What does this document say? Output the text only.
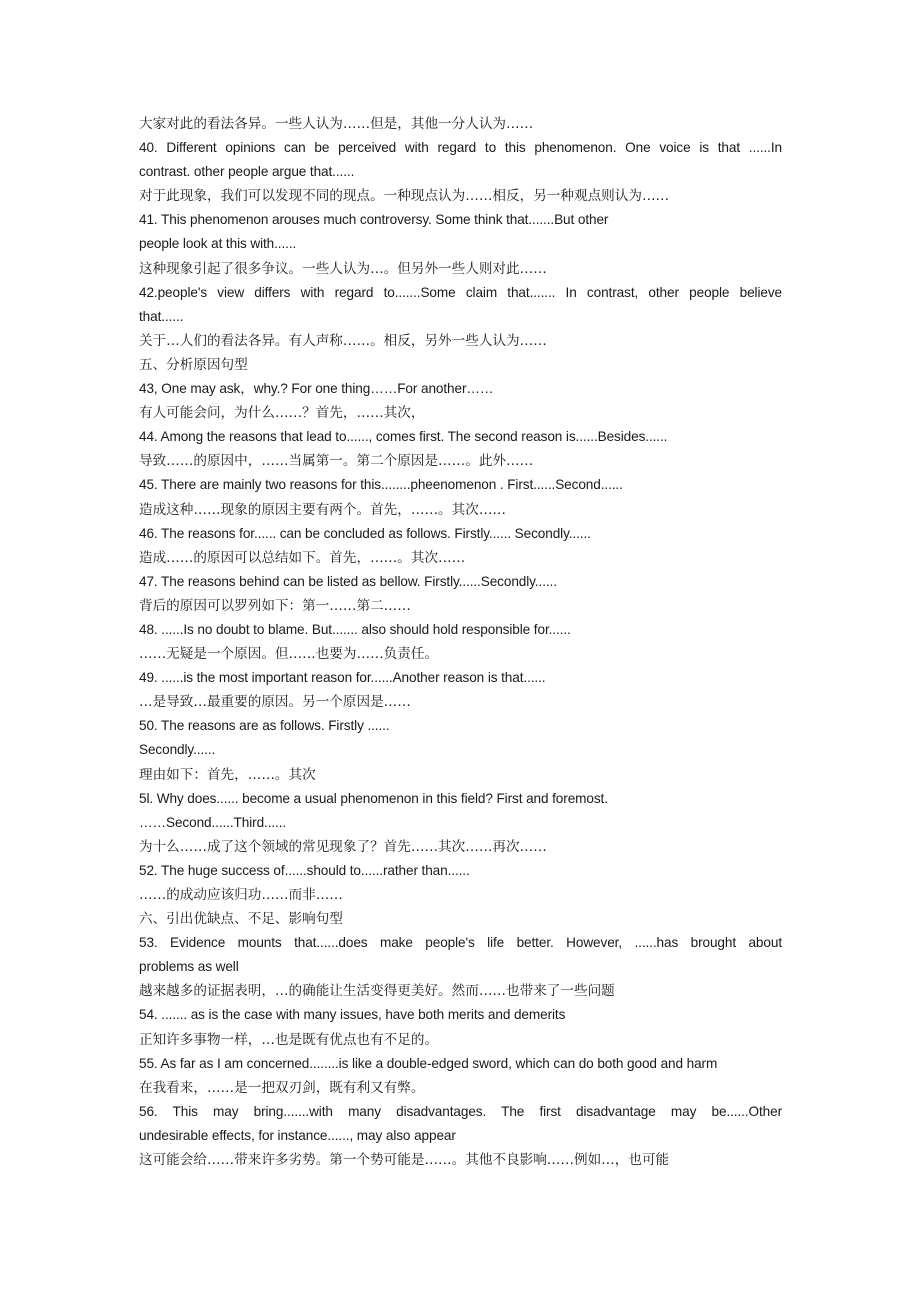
大家对此的看法各异。一些人认为……但是，其他一分人认为……
40. Different opinions can be perceived with regard to this phenomenon. One voice is that ......In
contrast. other people argue that......
对于此现象，我们可以发现不同的现点。一种现点认为……相反，另一种观点则认为……
41. This phenomenon arouses much controversy. Some think that.......But other
people look at this with......
这种现象引起了很多争议。一些人认为…。但另外一些人则对此……
42.people's view differs with regard to.......Some claim that....... In contrast, other people believe
that......
关于…人们的看法各异。有人声称……。相反，另外一些人认为……
五、分析原因句型
43, One may ask，why.? For one thing……For another……
有人可能会问，为什么……？首先，……其次，
44. Among the reasons that lead to......, comes first. The second reason is......Besides......
导致……的原因中，……当属第一。第二个原因是……。此外……
45. There are mainly two reasons for this........pheenomenon . First......Second......
造成这种……现象的原因主要有两个。首先，……。其次……
46. The reasons for...... can be concluded as follows. Firstly...... Secondly......
造成……的原因可以总结如下。首先，……。其次……
47. The reasons behind can be listed as bellow. Firstly......Secondly......
背后的原因可以罗列如下：第一……第二……
48. ......Is no doubt to blame. But....... also should hold responsible for......
……无疑是一个原因。但……也要为……负责任。
49. ......is the most important reason for......Another reason is that......
…是导致…最重要的原因。另一个原因是……
50. The reasons are as follows. Firstly ......
Secondly......
理由如下：首先，……。其次
5l. Why does...... become a usual phenomenon in this field? First and foremost.
……Second......Third......
为十么……成了这个领域的常见现象了？首先……其次……再次……
52. The huge success of......should to......rather than......
……的成动应该归功……而非……
六、引出优缺点、不足、影响句型
53. Evidence mounts that......does make people's life better. However, ......has brought about
problems as well
越来越多的证据表明，…的确能让生活变得更美好。然而……也带来了一些问题
54. ....... as is the case with many issues, have both merits and demerits
正知许多事物一样，…也是既有优点也有不足的。
55. As far as I am concerned........is like a double-edged sword, which can do both good and harm
在我看来，……是一把双刃剑，既有利又有弊。
56. This may bring.......with many disadvantages. The first disadvantage may be......Other
undesirable effects, for instance......, may also appear
这可能会给……带来许多劣势。第一个势可能是……。其他不良影响……例如…，也可能
